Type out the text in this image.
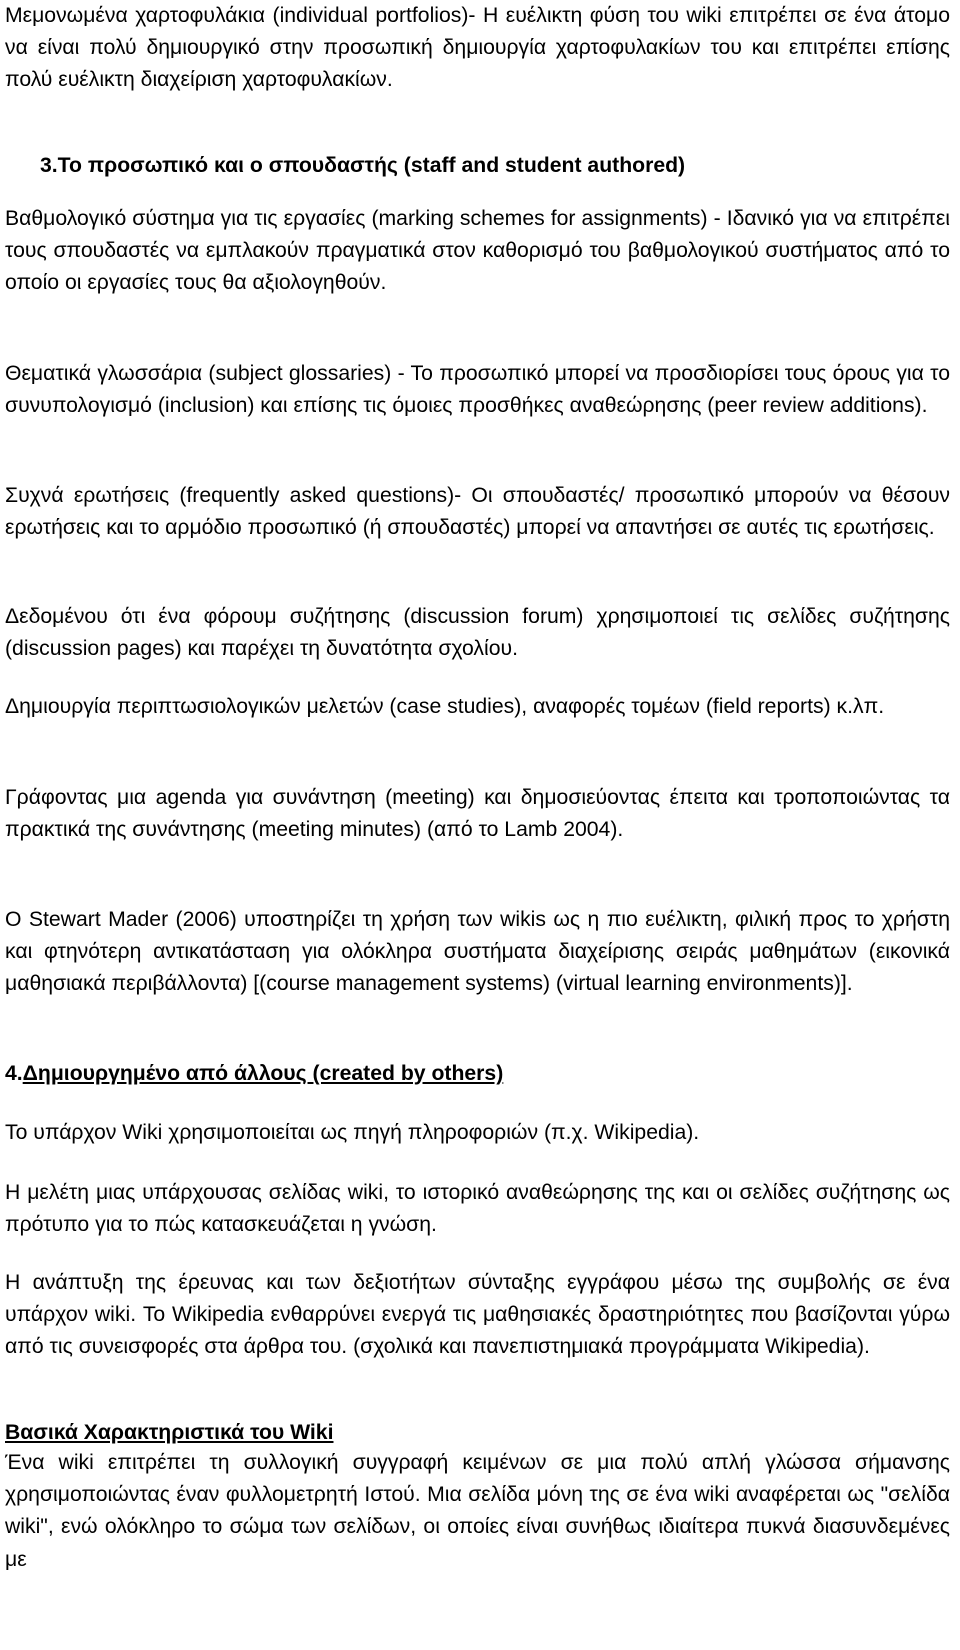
Μεμονωμένα χαρτοφυλάκια (individual portfolios)- Η ευέλικτη φύση του wiki επιτρέπει σε ένα άτομο να είναι πολύ δημιουργικό στην προσωπική δημιουργία χαρτοφυλακίων του και επιτρέπει επίσης πολύ ευέλικτη διαχείριση χαρτοφυλακίων.

3.Το προσωπικό και ο σπουδαστής (staff and student authored)

Βαθμολογικό σύστημα για τις εργασίες (marking schemes for assignments) - Ιδανικό για να επιτρέπει τους σπουδαστές να εμπλακούν πραγματικά στον καθορισμό του βαθμολογικού συστήματος από το οποίο οι εργασίες τους θα αξιολογηθούν.

Θεματικά γλωσσάρια (subject glossaries) - Το προσωπικό μπορεί να προσδιορίσει τους όρους για το συνυπολογισμό (inclusion) και επίσης τις όμοιες προσθήκες αναθεώρησης (peer review additions).

Συχνά ερωτήσεις (frequently asked questions)- Οι σπουδαστές/ προσωπικό μπορούν να θέσουν ερωτήσεις και το αρμόδιο προσωπικό (ή σπουδαστές) μπορεί να απαντήσει σε αυτές τις ερωτήσεις.

Δεδομένου ότι ένα φόρουμ συζήτησης (discussion forum) χρησιμοποιεί τις σελίδες συζήτησης (discussion pages) και παρέχει τη δυνατότητα σχολίου.

Δημιουργία περιπτωσιολογικών μελετών (case studies), αναφορές τομέων (field reports) κ.λπ.

Γράφοντας μια agenda για συνάντηση (meeting) και δημοσιεύοντας έπειτα και τροποποιώντας τα πρακτικά της συνάντησης (meeting minutes) (από το Lamb 2004).

O Stewart Mader (2006) υποστηρίζει τη χρήση των wikis ως η πιο ευέλικτη, φιλική προς το χρήστη και φτηνότερη αντικατάσταση για ολόκληρα συστήματα διαχείρισης σειράς μαθημάτων (εικονικά μαθησιακά περιβάλλοντα) [(course management systems) (virtual learning environments)].

4.Δημιουργημένο από άλλους (created by others)

Το υπάρχον Wiki χρησιμοποιείται ως πηγή πληροφοριών (π.χ. Wikipedia).

Η μελέτη μιας υπάρχουσας σελίδας wiki, το ιστορικό αναθεώρησης της και οι σελίδες συζήτησης ως πρότυπο για το πώς κατασκευάζεται η γνώση.

Η ανάπτυξη της έρευνας και των δεξιοτήτων σύνταξης εγγράφου μέσω της συμβολής σε ένα υπάρχον wiki. Το Wikipedia ενθαρρύνει ενεργά τις μαθησιακές δραστηριότητες που βασίζονται γύρω από τις συνεισφορές στα άρθρα του. (σχολικά και πανεπιστημιακά προγράμματα Wikipedia).

Βασικά Χαρακτηριστικά του Wiki

Ένα wiki επιτρέπει τη συλλογική συγγραφή κειμένων σε μια πολύ απλή γλώσσα σήμανσης χρησιμοποιώντας έναν φυλλομετρητή Ιστού. Μια σελίδα μόνη της σε ένα wiki αναφέρεται ως "σελίδα wiki", ενώ ολόκληρο το σώμα των σελίδων, οι οποίες είναι συνήθως ιδιαίτερα πυκνά διασυνδεμένες με
